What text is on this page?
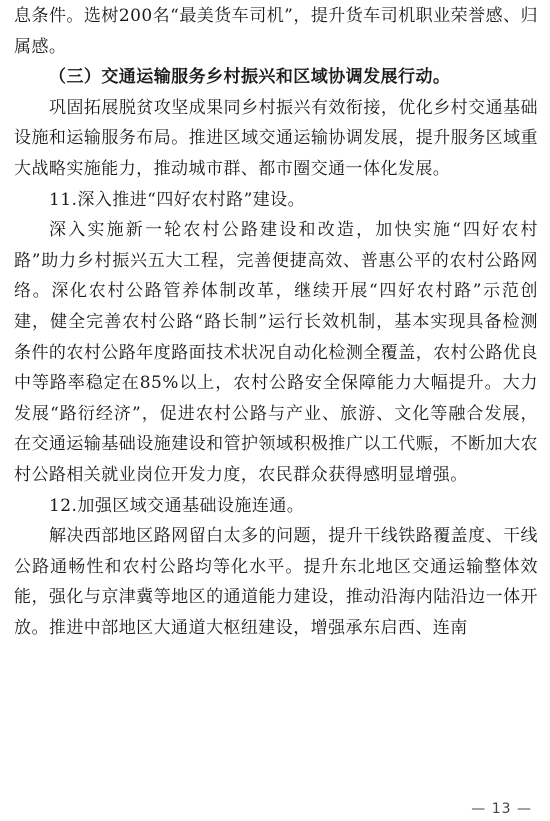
息条件。选树200名“最美货车司机”，提升货车司机职业荣誉感、归属感。

（三）交通运输服务乡村振兴和区域协调发展行动。

巩固拓展脱贫攻坚成果同乡村振兴有效衔接，优化乡村交通基础设施和运输服务布局。推进区域交通运输协调发展，提升服务区域重大战略实施能力，推动城市群、都市圈交通一体化发展。

11.深入推进“四好农村路”建设。

深入实施新一轮农村公路建设和改造，加快实施“四好农村路”助力乡村振兴五大工程，完善便捷高效、普惠公平的农村公路网络。深化农村公路管养体制改革，继续开展“四好农村路”示范创建，健全完善农村公路“路长制”运行长效机制，基本实现具备检测条件的农村公路年度路面技术状况自动化检测全覆盖，农村公路优良中等路率稳定在85%以上，农村公路安全保障能力大幅提升。大力发展“路衍经济”，促进农村公路与产业、旅游、文化等融合发展，在交通运输基础设施建设和管护领域积极推广以工代赈，不断加大农村公路相关就业岗位开发力度，农民群众获得感明显增强。

12.加强区域交通基础设施连通。

解决西部地区路网留白太多的问题，提升干线铁路覆盖度、干线公路通畅性和农村公路均等化水平。提升东北地区交通运输整体效能，强化与京津冀等地区的通道能力建设，推动沿海内陆沿边一体开放。推进中部地区大通道大枢纽建设，增强承东启西、连南

— 13 —
